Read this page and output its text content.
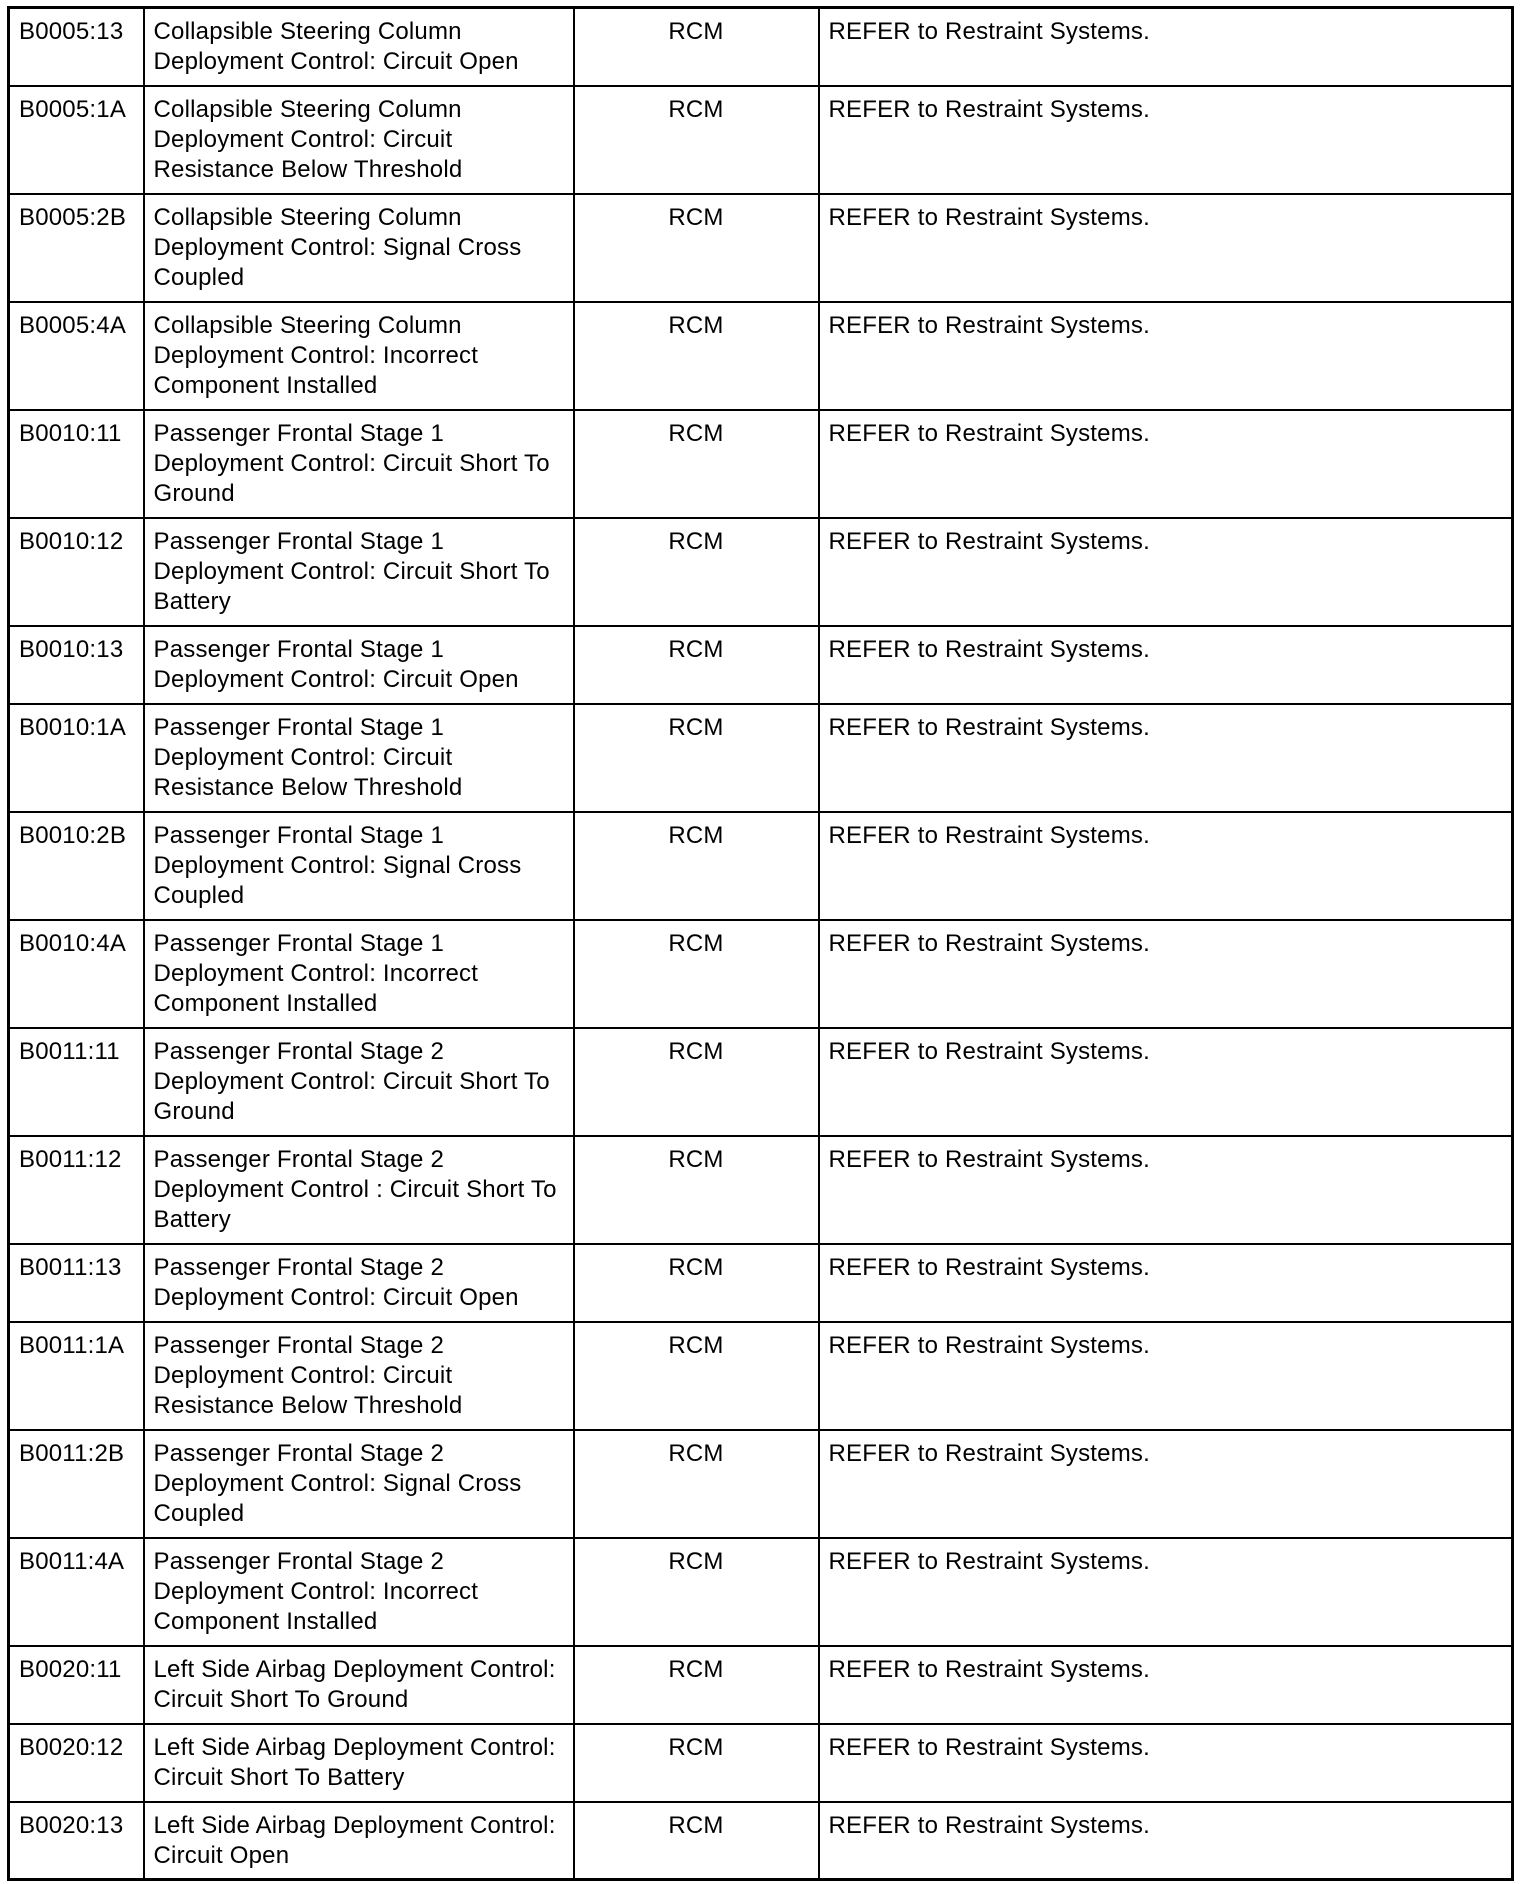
B0005:13	Collapsible Steering Column Deployment Control: Circuit Open	RCM	REFER to Restraint Systems.
B0005:1A	Collapsible Steering Column Deployment Control: Circuit Resistance Below Threshold	RCM	REFER to Restraint Systems.
B0005:2B	Collapsible Steering Column Deployment Control: Signal Cross Coupled	RCM	REFER to Restraint Systems.
B0005:4A	Collapsible Steering Column Deployment Control: Incorrect Component Installed	RCM	REFER to Restraint Systems.
B0010:11	Passenger Frontal Stage 1 Deployment Control: Circuit Short To Ground	RCM	REFER to Restraint Systems.
B0010:12	Passenger Frontal Stage 1 Deployment Control: Circuit Short To Battery	RCM	REFER to Restraint Systems.
B0010:13	Passenger Frontal Stage 1 Deployment Control: Circuit Open	RCM	REFER to Restraint Systems.
B0010:1A	Passenger Frontal Stage 1 Deployment Control: Circuit Resistance Below Threshold	RCM	REFER to Restraint Systems.
B0010:2B	Passenger Frontal Stage 1 Deployment Control: Signal Cross Coupled	RCM	REFER to Restraint Systems.
B0010:4A	Passenger Frontal Stage 1 Deployment Control: Incorrect Component Installed	RCM	REFER to Restraint Systems.
B0011:11	Passenger Frontal Stage 2 Deployment Control: Circuit Short To Ground	RCM	REFER to Restraint Systems.
B0011:12	Passenger Frontal Stage 2 Deployment Control : Circuit Short To Battery	RCM	REFER to Restraint Systems.
B0011:13	Passenger Frontal Stage 2 Deployment Control: Circuit Open	RCM	REFER to Restraint Systems.
B0011:1A	Passenger Frontal Stage 2 Deployment Control: Circuit Resistance Below Threshold	RCM	REFER to Restraint Systems.
B0011:2B	Passenger Frontal Stage 2 Deployment Control: Signal Cross Coupled	RCM	REFER to Restraint Systems.
B0011:4A	Passenger Frontal Stage 2 Deployment Control: Incorrect Component Installed	RCM	REFER to Restraint Systems.
B0020:11	Left Side Airbag Deployment Control: Circuit Short To Ground	RCM	REFER to Restraint Systems.
B0020:12	Left Side Airbag Deployment Control: Circuit Short To Battery	RCM	REFER to Restraint Systems.
B0020:13	Left Side Airbag Deployment Control: Circuit Open	RCM	REFER to Restraint Systems.
